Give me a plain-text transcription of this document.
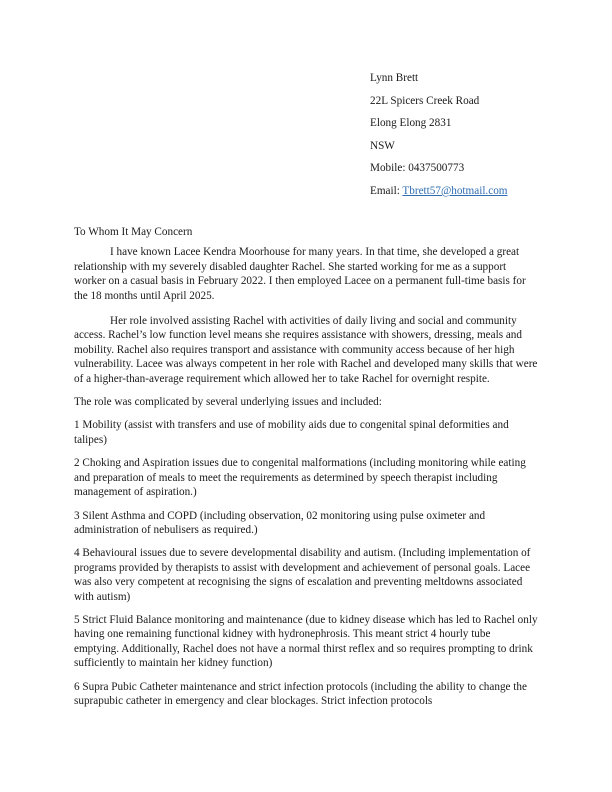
Lynn Brett
22L Spicers Creek Road
Elong Elong 2831
NSW
Mobile: 0437500773
Email: Tbrett57@hotmail.com

To Whom It May Concern

I have known Lacee Kendra Moorhouse for many years. In that time, she developed a great relationship with my severely disabled daughter Rachel. She started working for me as a support worker on a casual basis in February 2022. I then employed Lacee on a permanent full-time basis for the 18 months until April 2025.

Her role involved assisting Rachel with activities of daily living and social and community access. Rachel’s low function level means she requires assistance with showers, dressing, meals and mobility. Rachel also requires transport and assistance with community access because of her high vulnerability. Lacee was always competent in her role with Rachel and developed many skills that were of a higher-than-average requirement which allowed her to take Rachel for overnight respite.

The role was complicated by several underlying issues and included:

1 Mobility (assist with transfers and use of mobility aids due to congenital spinal deformities and talipes)

2 Choking and Aspiration issues due to congenital malformations (including monitoring while eating and preparation of meals to meet the requirements as determined by speech therapist including management of aspiration.)

3 Silent Asthma and COPD (including observation, 02 monitoring using pulse oximeter and administration of nebulisers as required.)

4 Behavioural issues due to severe developmental disability and autism. (Including implementation of programs provided by therapists to assist with development and achievement of personal goals. Lacee was also very competent at recognising the signs of escalation and preventing meltdowns associated with autism)

5 Strict Fluid Balance monitoring and maintenance (due to kidney disease which has led to Rachel only having one remaining functional kidney with hydronephrosis. This meant strict 4 hourly tube emptying. Additionally, Rachel does not have a normal thirst reflex and so requires prompting to drink sufficiently to maintain her kidney function)

6 Supra Pubic Catheter maintenance and strict infection protocols (including the ability to change the suprapubic catheter in emergency and clear blockages. Strict infection protocols
